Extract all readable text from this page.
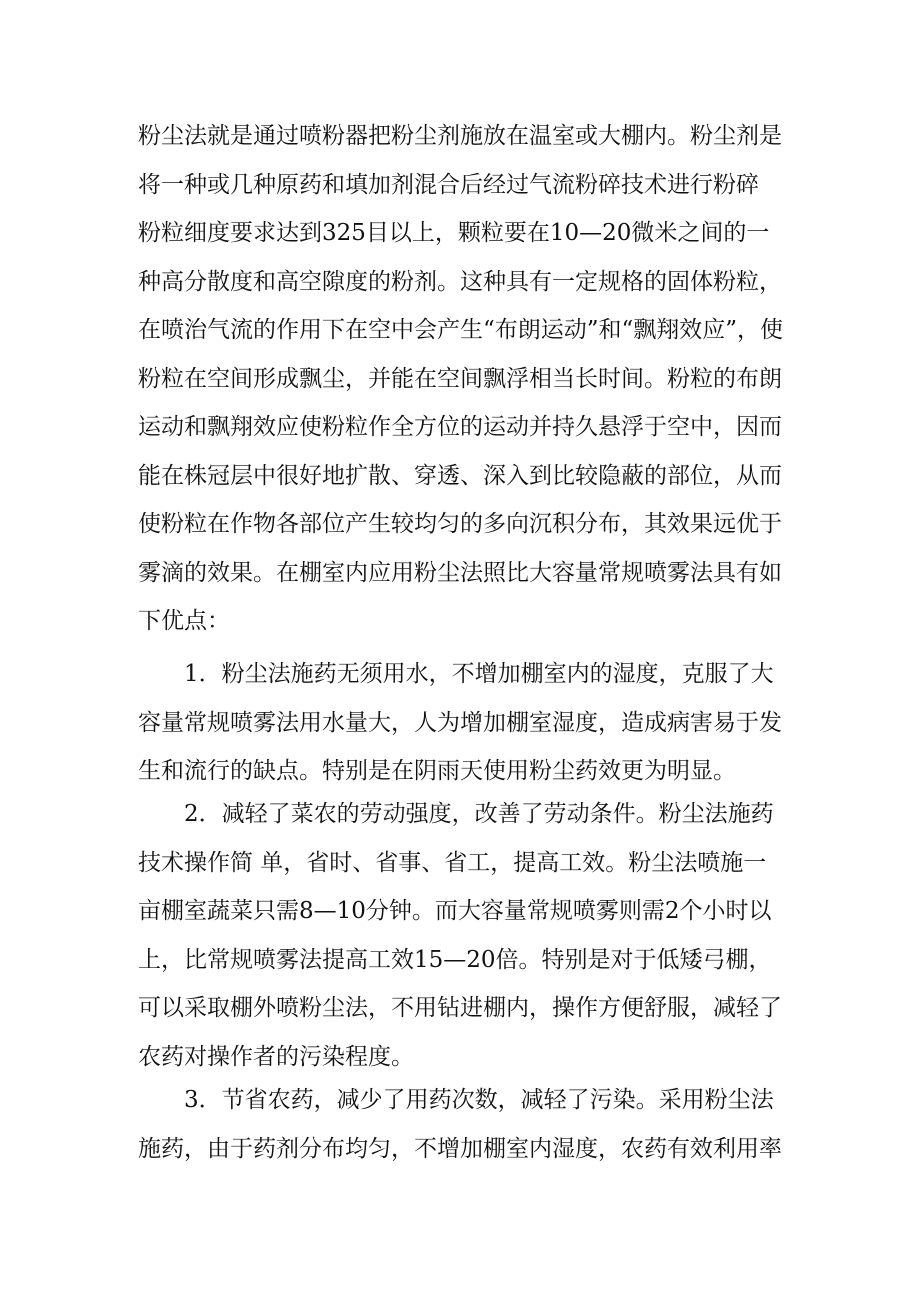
粉尘法就是通过喷粉器把粉尘剂施放在温室或大棚内。粉尘剂是
将一种或几种原药和填加剂混合后经过气流粉碎技术进行粉碎
粉粒细度要求达到325目以上，颗粒要在10—20微米之间的一
种高分散度和高空隙度的粉剂。这种具有一定规格的固体粉粒，
在喷治气流的作用下在空中会产生“布朗运动”和“飘翔效应”，使
粉粒在空间形成飘尘，并能在空间飘浮相当长时间。粉粒的布朗
运动和飘翔效应使粉粒作全方位的运动并持久悬浮于空中，因而
能在株冠层中很好地扩散、穿透、深入到比较隐蔽的部位，从而
使粉粒在作物各部位产生较均匀的多向沉积分布，其效果远优于
雾滴的效果。在棚室内应用粉尘法照比大容量常规喷雾法具有如
下优点：
1．粉尘法施药无须用水，不增加棚室内的湿度，克服了大
容量常规喷雾法用水量大，人为增加棚室湿度，造成病害易于发
生和流行的缺点。特别是在阴雨天使用粉尘药效更为明显。
2．减轻了菜农的劳动强度，改善了劳动条件。粉尘法施药
技术操作简 单，省时、省事、省工，提高工效。粉尘法喷施一
亩棚室蔬菜只需8—10分钟。而大容量常规喷雾则需2个小时以
上，比常规喷雾法提高工效15—20倍。特别是对于低矮弓棚，
可以采取棚外喷粉尘法，不用钻进棚内，操作方便舒服，减轻了
农药对操作者的污染程度。
3．节省农药，减少了用药次数，减轻了污染。采用粉尘法
施药，由于药剂分布均匀，不增加棚室内湿度，农药有效利用率
